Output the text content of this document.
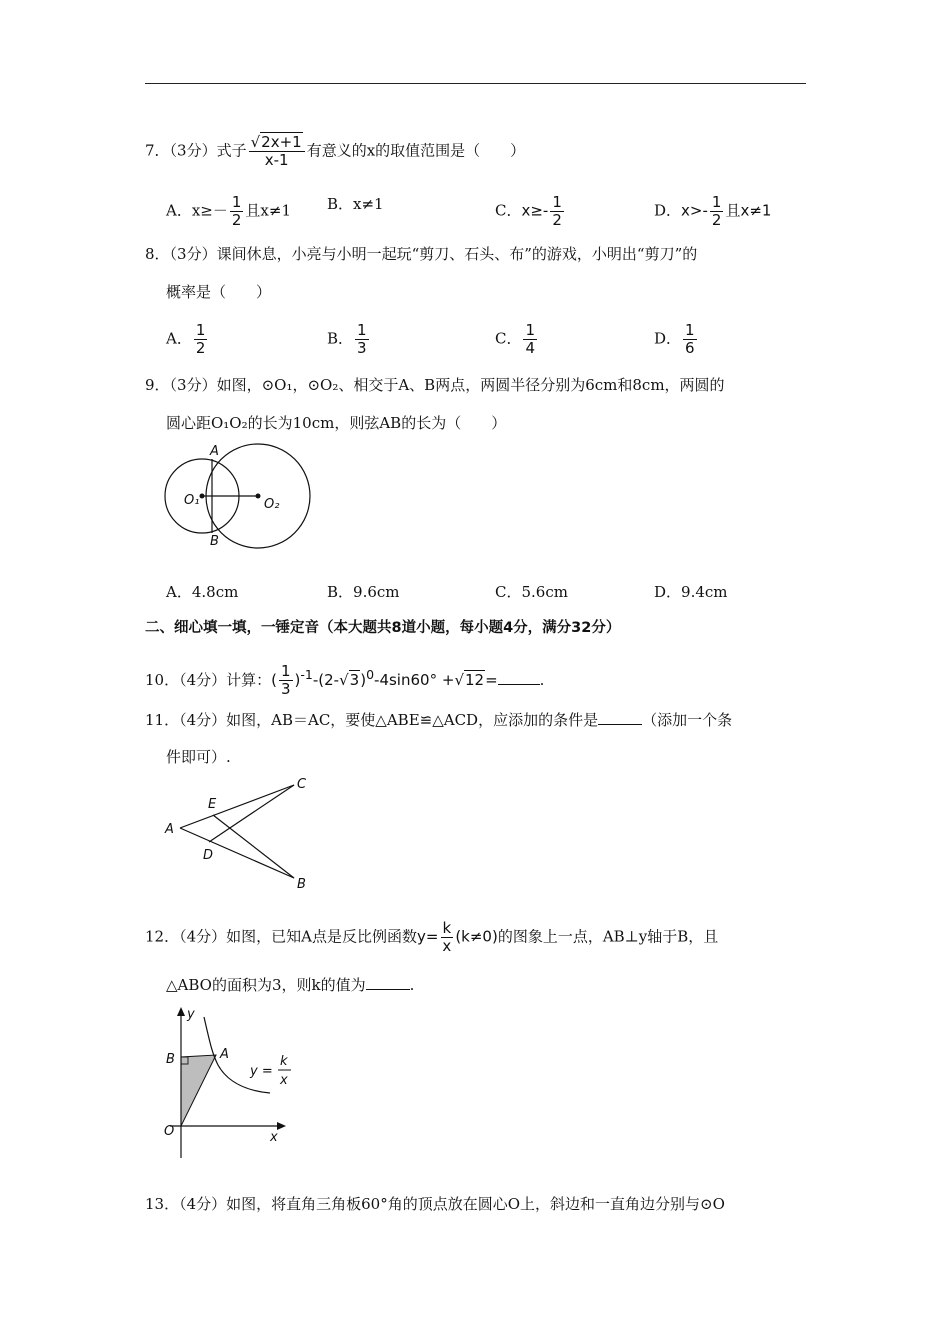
7．（3分）式子 $\frac{√2x+1}{x-1}$ 有意义的x的取值范围是（　　）
A．$x\ge- \frac{1}{2}$ 且x≠1 B．x≠1	C．$x\ge- \frac{1}{2}$	D．$x>- \frac{1}{2}$ 且x≠1
8．（3分）课间休息，小亮与小明一起玩“剪刀、石头、布”的游戏，小明出“剪刀”的
概率是（　　）
A． $\frac{1}{2}$	B． $\frac{1}{3}$	C． $\frac{1}{4}$	D． $\frac{1}{6}$
9．（3分）如图，⊙O₁，⊙O₂、相交于A、B两点，两圆半径分别为6cm和8cm，两圆的
圆心距O₁O₂的长为10cm，则弦AB的长为（　　）
A
B
O₁	O₂
A．4.8cm	B．9.6cm	C．5.6cm	D．9.4cm
二、细心填一填，一锤定音（本大题共8道小题，每小题4分，满分32分）
10．（4分）计算：( $\frac{1}{3} )^{-1}-(2-√3)^0-4\sin 60^\circ +√12=$	.
11．（4分）如图，AB＝AC，要使△ABE≌△ACD，应添加的条件是	（添加一个条
件即可）.
A
B
C
D
E
12．（4分）如图，已知A点是反比例函数$y= \frac{k}{x} (k\ne 0)$的图象上一点，AB⊥y轴于B，且
△ABO的面积为3，则k的值为	.
y
x
A
B
O
y =
k
x
13．（4分）如图，将直角三角板60°角的顶点放在圆心O上，斜边和一直角边分别与⊙O
